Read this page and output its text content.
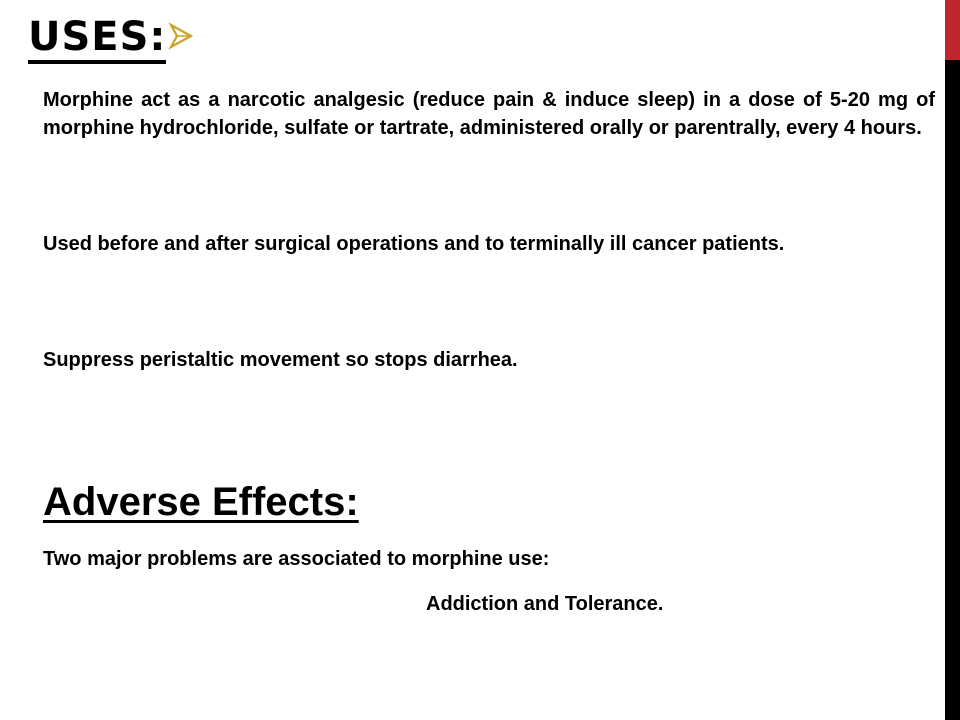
USES:

Morphine act as a narcotic analgesic (reduce pain & induce sleep) in a dose of 5-20 mg of morphine hydrochloride, sulfate or tartrate, administered orally or parentrally, every 4 hours.

Used before and after surgical operations and to terminally ill cancer patients.

Suppress peristaltic movement so stops diarrhea.

Adverse Effects:

Two major problems are associated to morphine use:

Addiction and Tolerance.
